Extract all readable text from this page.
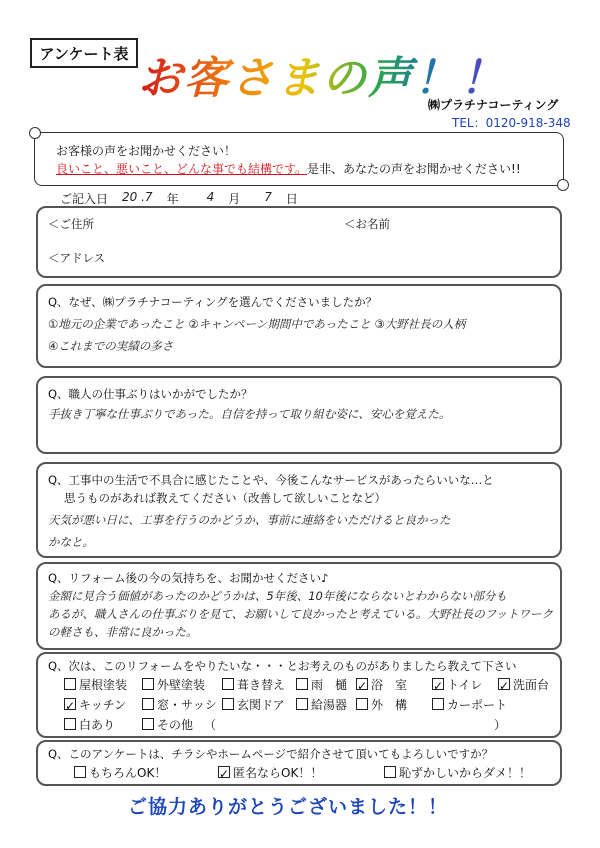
アンケート表 お客さまの声！！
㈱プラチナコーティング
TEL：0120-918-348
お客様の声をお聞かせください！
良いこと、悪いこと、どんな事でも結構です。是非、あなたの声をお聞かせください!!
ご記入日 20 .7 年 4 月 7 日
＜ご住所	＜お名前
＜アドレス
Q、なぜ、㈱プラチナコーティングを選んでくださいましたか？
①地元の企業であったこと ②キャンペーン期間中であったこと ③大野社長の人柄
④これまでの実績の多さ
Q、職人の仕事ぶりはいかがでしたか？
手抜き丁寧な仕事ぶりであった。自信を持って取り組む姿に、安心を覚えた。
Q、工事中の生活で不具合に感じたことや、今後こんなサービスがあったらいいな…と
思うものがあれば教えてください（改善して欲しいことなど）
天気が悪い日に、工事を行うのかどうか、事前に連絡をいただけると良かった
かなと。
Q、リフォーム後の今の気持ちを、お聞かせください♪
金額に見合う価値があったのかどうかは、5年後、10年後にならないとわからない部分も
あるが、職人さんの仕事ぶりを見て、お願いして良かったと考えている。大野社長のフットワーク
の軽さも、非常に良かった。
Q、次は、このリフォームをやりたいな・・・とお考えのものがありましたら教えて下さい
屋根塗装	外壁塗装	葺き替え	雨　樋 ✓ 浴　室 ✓ トイレ ✓ 洗面台
✓ キッチン	窓・サッシ	玄関ドア	給湯器	外　構	カーポート
白あり	その他 （	）
Q、このアンケートは、チラシやホームページで紹介させて頂いてもよろしいですか？
もちろんOK！	✓ 匿名ならOK！！	恥ずかしいからダメ！！
ご協力ありがとうございました！！
